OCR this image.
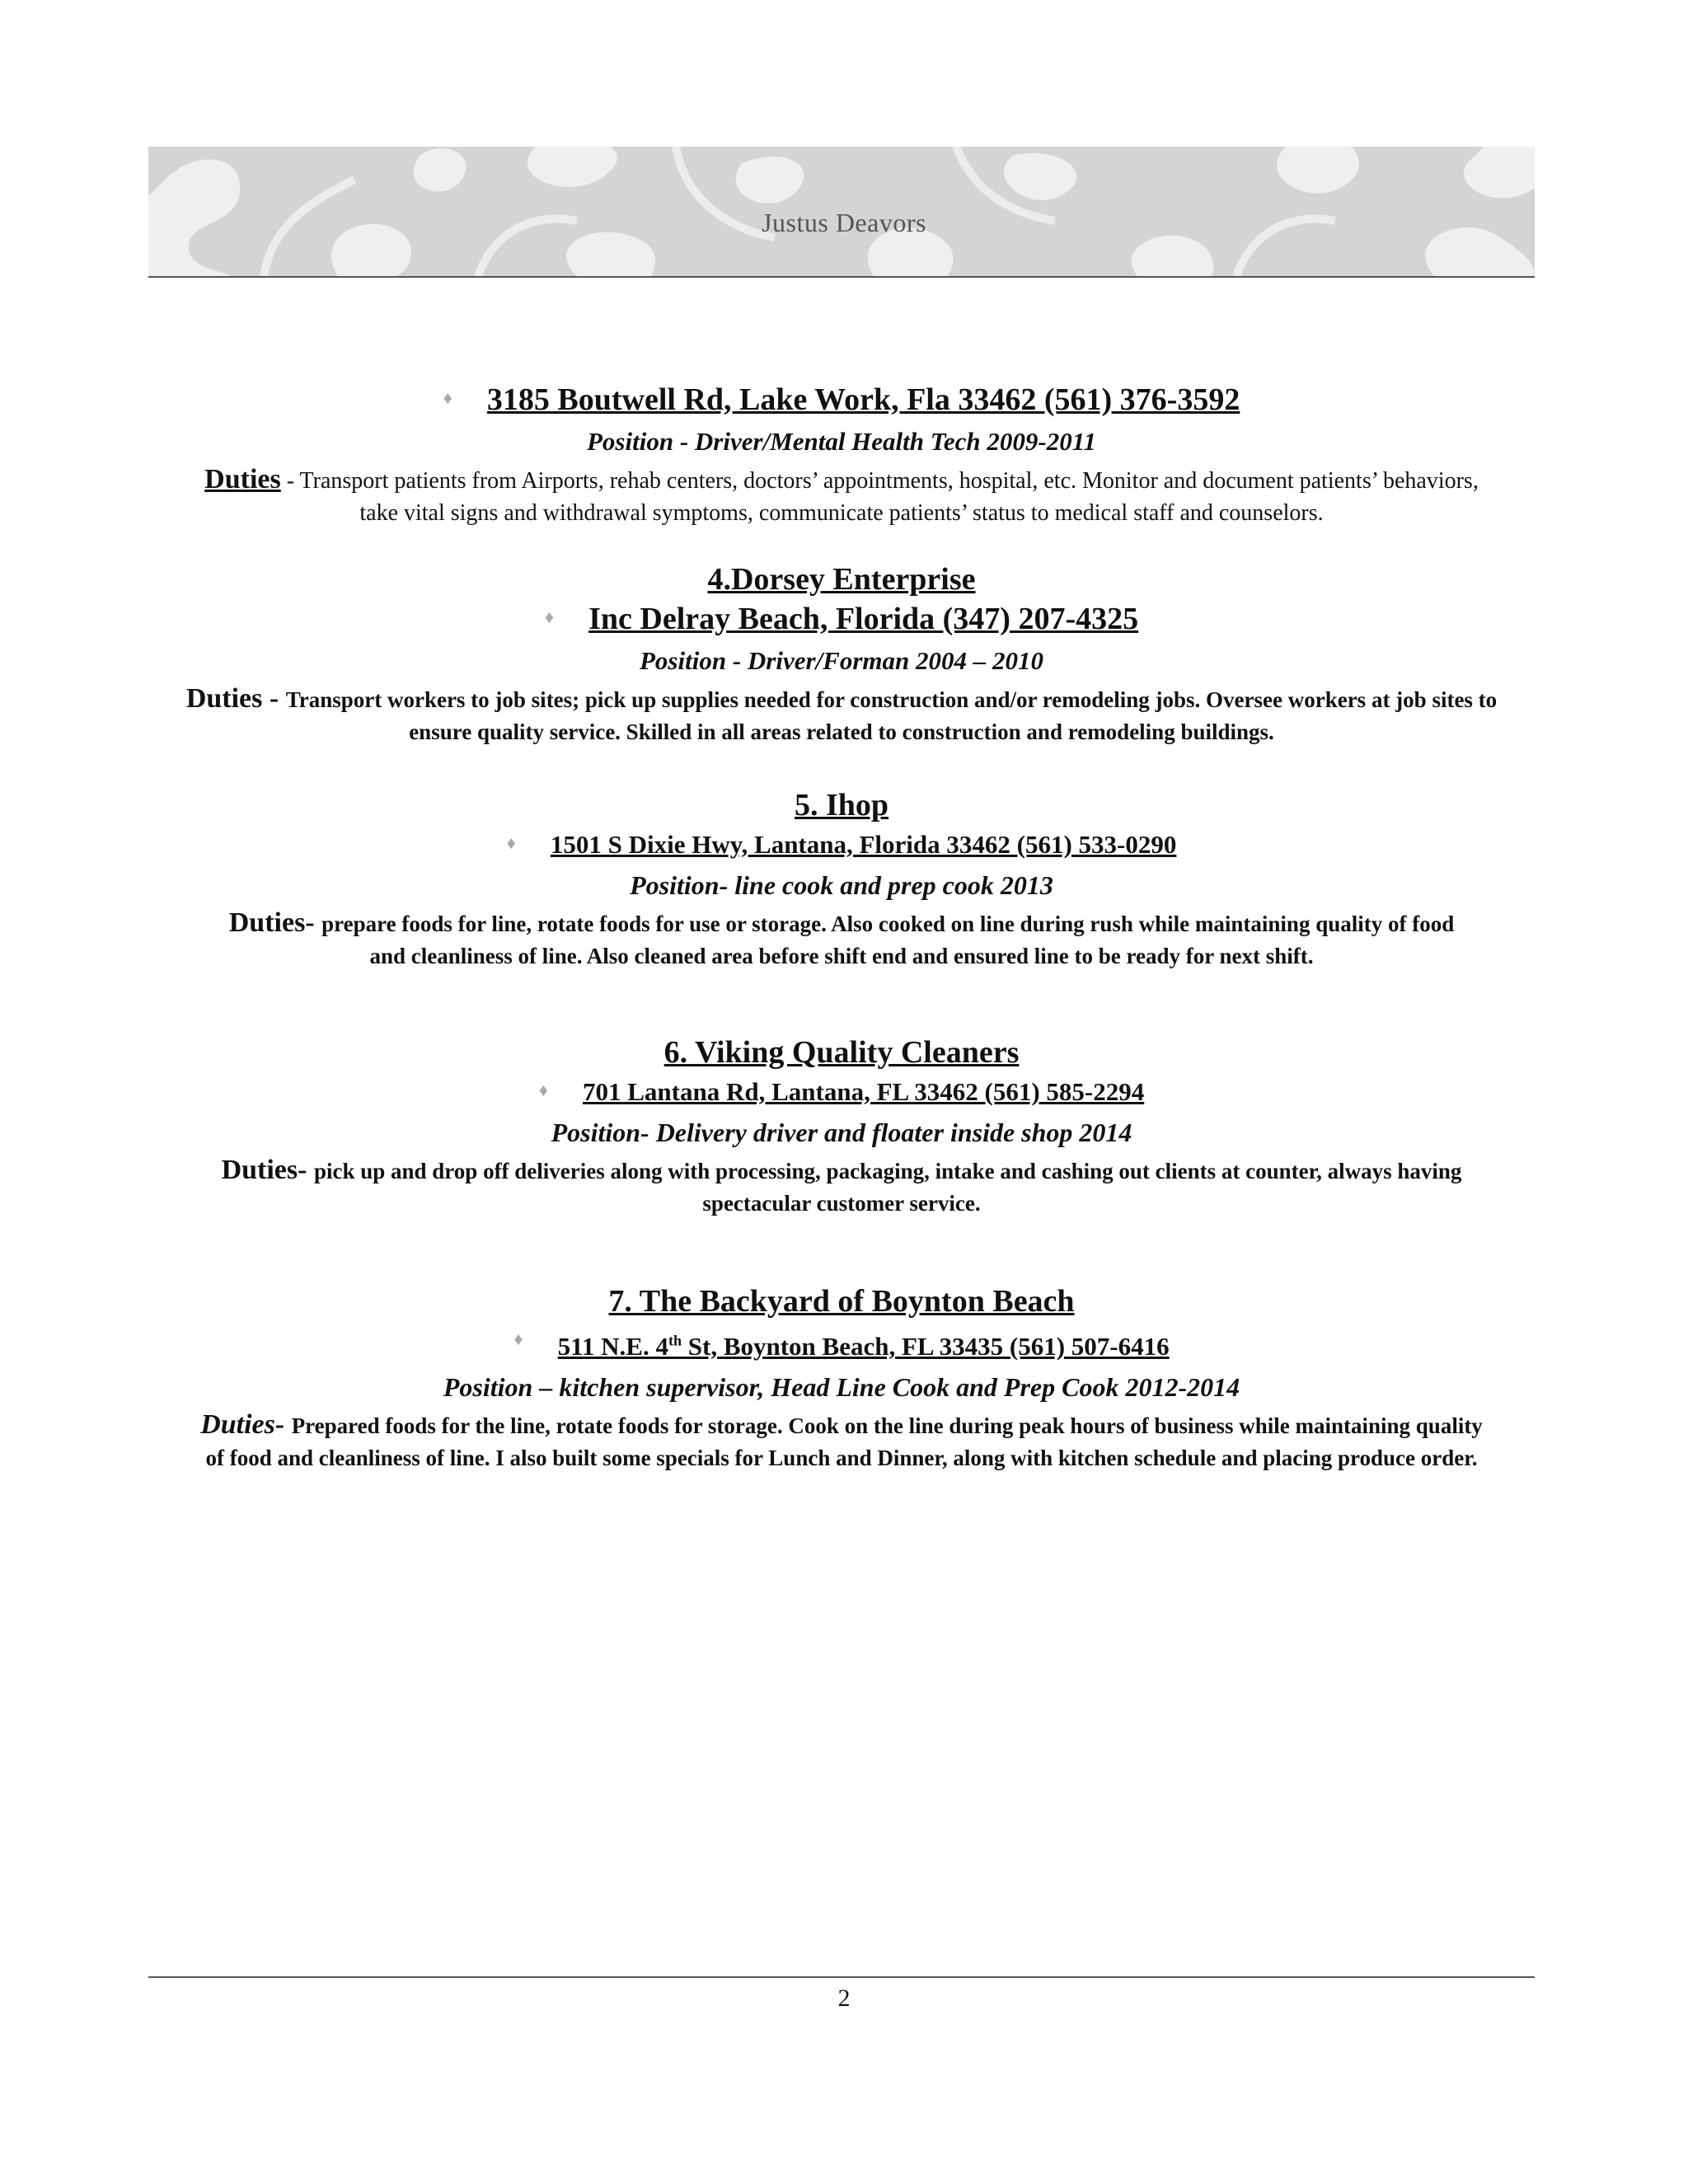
Justus Deavors
♦ 3185 Boutwell Rd, Lake Work, Fla 33462 (561) 376-3592

Position - Driver/Mental Health Tech 2009-2011

Duties - Transport patients from Airports, rehab centers, doctors’ appointments, hospital, etc. Monitor and document patients’ behaviors, take vital signs and withdrawal symptoms, communicate patients’ status to medical staff and counselors.

4.Dorsey Enterprise

♦ Inc Delray Beach, Florida (347) 207-4325

Position - Driver/Forman 2004 – 2010

Duties - Transport workers to job sites; pick up supplies needed for construction and/or remodeling jobs. Oversee workers at job sites to ensure quality service. Skilled in all areas related to construction and remodeling buildings.

5. Ihop

♦ 1501 S Dixie Hwy, Lantana, Florida 33462 (561) 533-0290

Position- line cook and prep cook 2013

Duties- prepare foods for line, rotate foods for use or storage. Also cooked on line during rush while maintaining quality of food and cleanliness of line. Also cleaned area before shift end and ensured line to be ready for next shift.

6. Viking Quality Cleaners

♦ 701 Lantana Rd, Lantana, FL 33462 (561) 585-2294

Position- Delivery driver and floater inside shop 2014

Duties- pick up and drop off deliveries along with processing, packaging, intake and cashing out clients at counter, always having spectacular customer service.

7. The Backyard of Boynton Beach

♦ 511 N.E. 4th St, Boynton Beach, FL 33435 (561) 507-6416

Position – kitchen supervisor, Head Line Cook and Prep Cook 2012-2014

Duties- Prepared foods for the line, rotate foods for storage. Cook on the line during peak hours of business while maintaining quality of food and cleanliness of line. I also built some specials for Lunch and Dinner, along with kitchen schedule and placing produce order.
2
